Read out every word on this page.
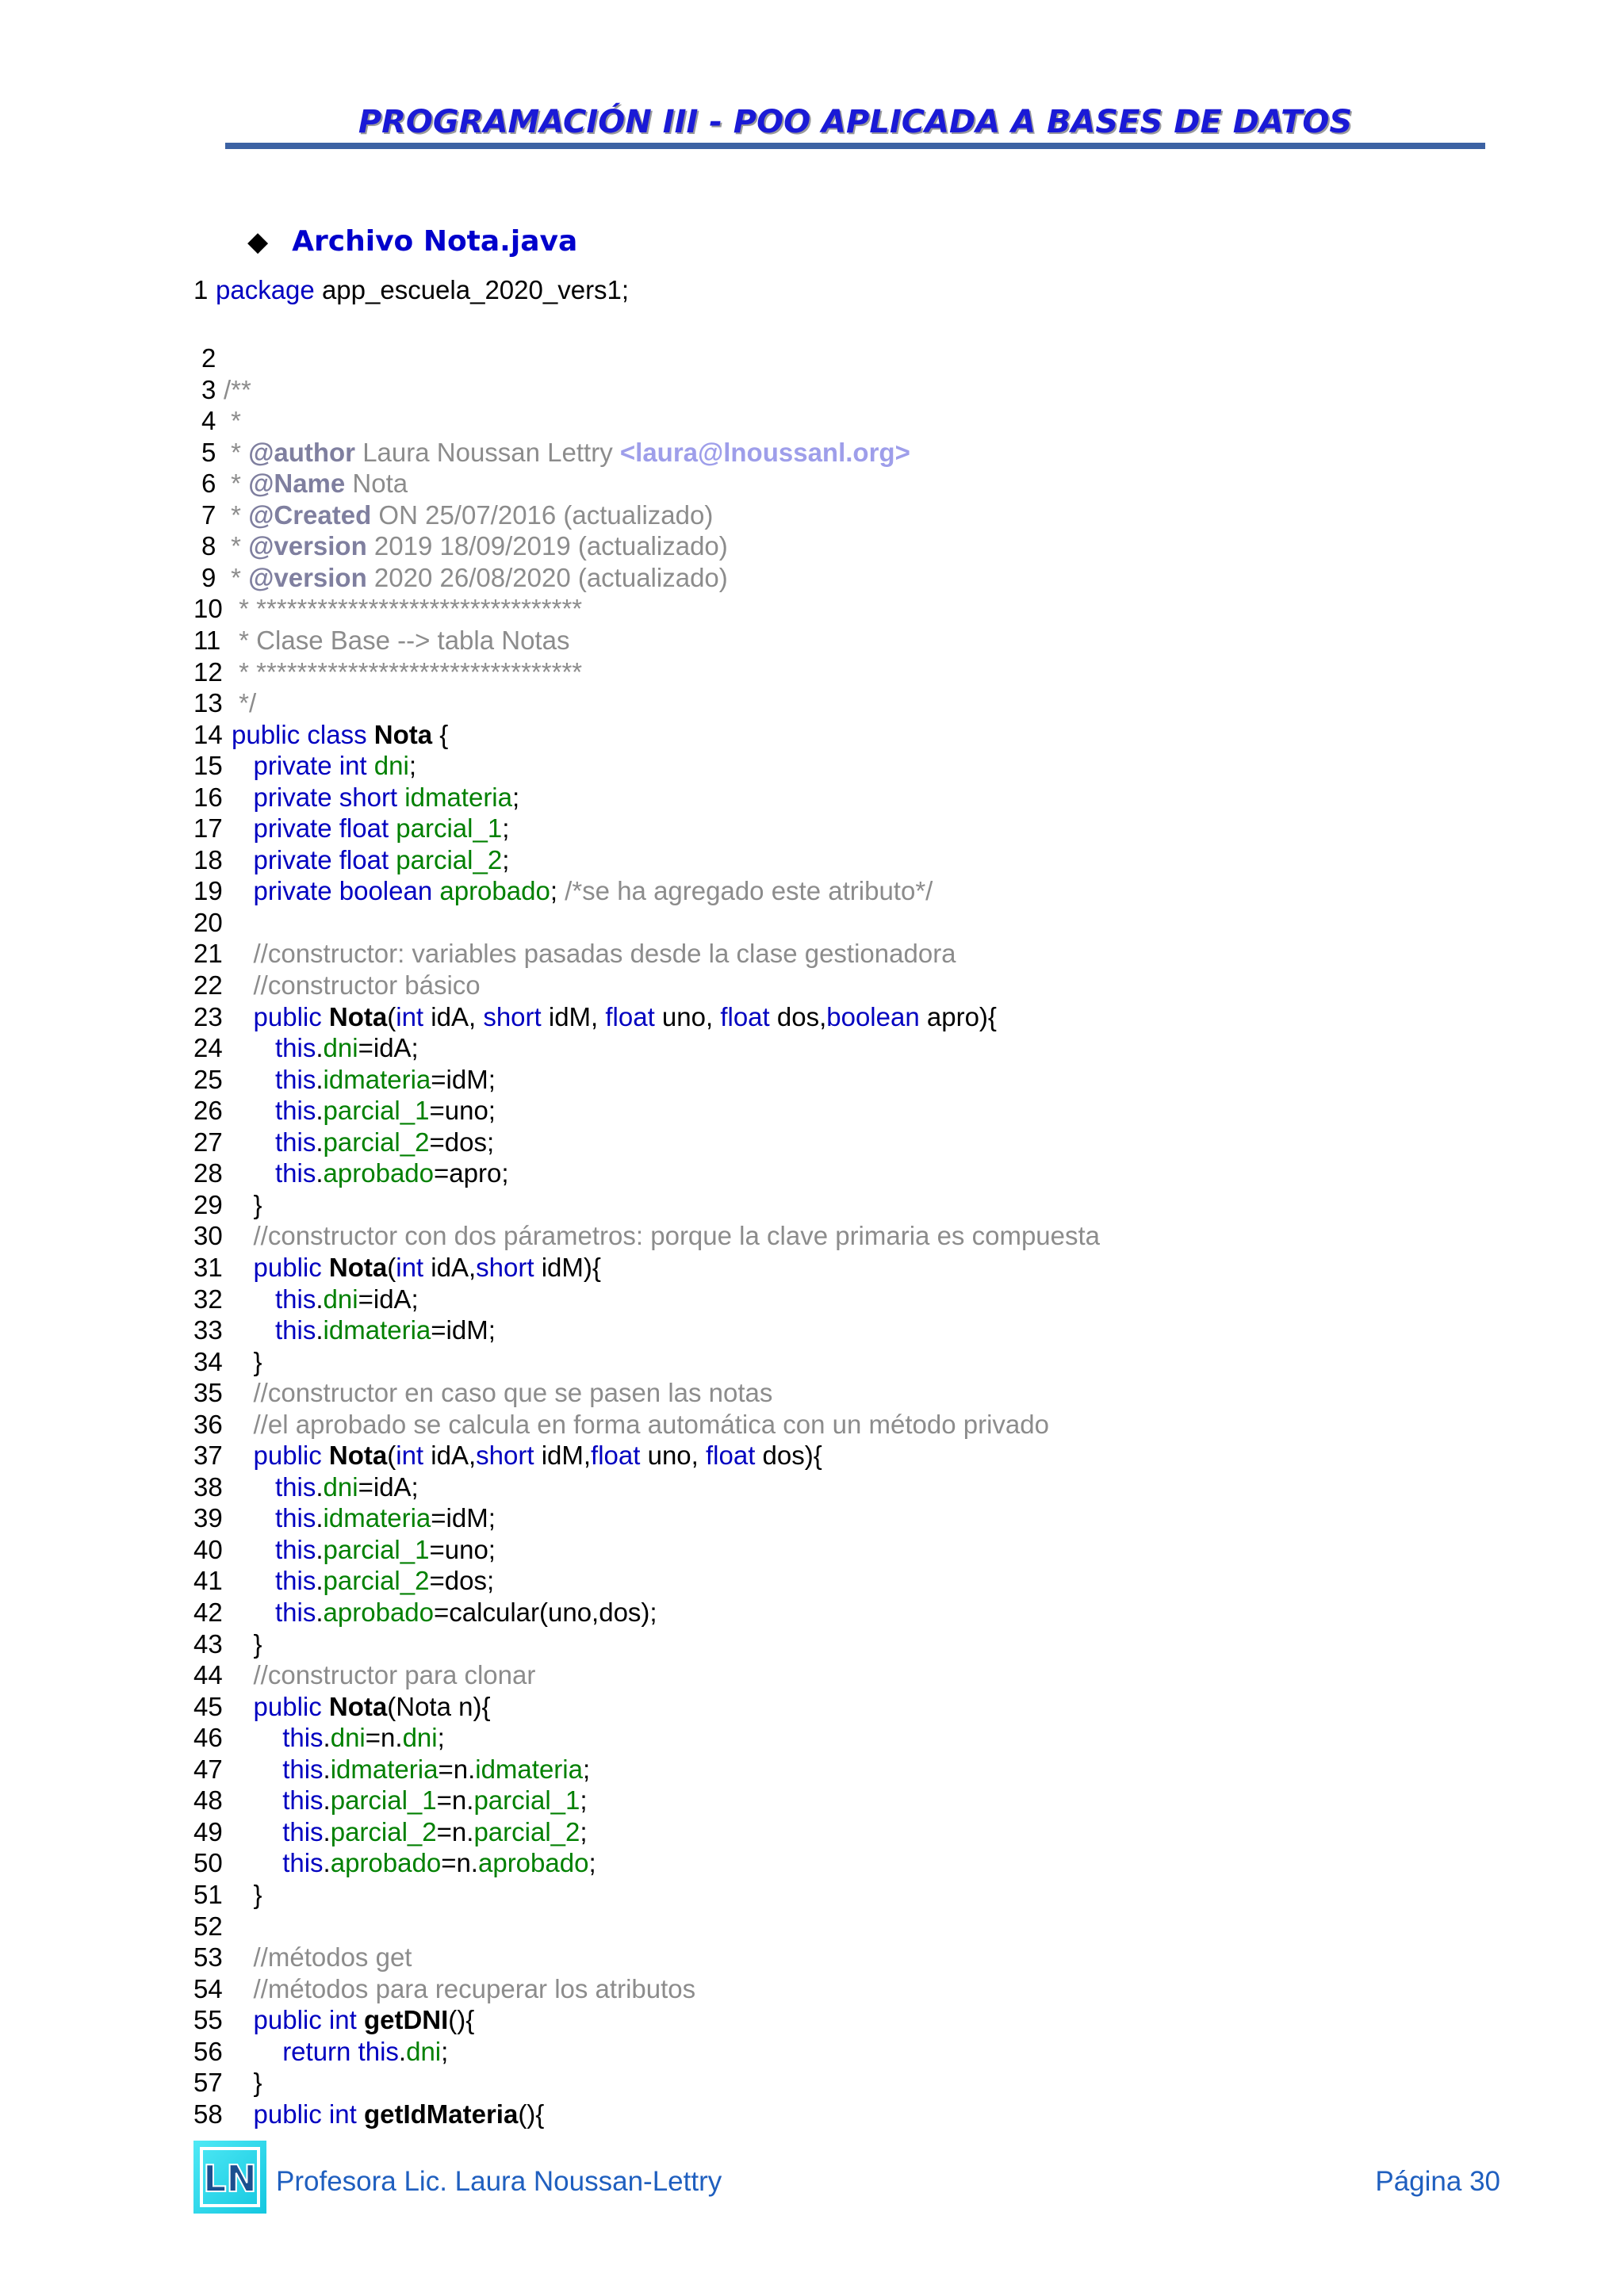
PROGRAMACIÓN III - POO APLICADA A BASES DE DATOS
◆ Archivo Nota.java
1 package app_escuela_2020_vers1;
2
3 /**
4 *
5 * @author Laura Noussan Lettry <laura@lnoussanl.org>
6 * @Name Nota
7 * @Created ON 25/07/2016 (actualizado)
8 * @version 2019 18/09/2019 (actualizado)
9 * @version 2020 26/08/2020 (actualizado)
10 * ********************************
11 * Clase Base --> tabla Notas
12 * ********************************
13 */
14 public class Nota {
15 private int dni;
16 private short idmateria;
17 private float parcial_1;
18 private float parcial_2;
19 private boolean aprobado; /*se ha agregado este atributo*/
20
21 //constructor: variables pasadas desde la clase gestionadora
22 //constructor básico
23 public Nota(int idA, short idM, float uno, float dos,boolean apro){
24 this.dni=idA;
25 this.idmateria=idM;
26 this.parcial_1=uno;
27 this.parcial_2=dos;
28 this.aprobado=apro;
29   }
30 //constructor con dos párametros: porque la clave primaria es compuesta
31 public Nota(int idA,short idM){
32 this.dni=idA;
33 this.idmateria=idM;
34   }
35 //constructor en caso que se pasen las notas
36 //el aprobado se calcula en forma automática con un método privado
37 public Nota(int idA,short idM,float uno, float dos){
38 this.dni=idA;
39 this.idmateria=idM;
40 this.parcial_1=uno;
41 this.parcial_2=dos;
42 this.aprobado=calcular(uno,dos);
43   }
44 //constructor para clonar
45 public Nota(Nota n){
46 this.dni=n.dni;
47 this.idmateria=n.idmateria;
48 this.parcial_1=n.parcial_1;
49 this.parcial_2=n.parcial_2;
50 this.aprobado=n.aprobado;
51   }
52
53 //métodos get
54 //métodos para recuperar los atributos
55 public int getDNI(){
56 return this.dni;
57   }
58 public int getIdMateria(){
LN Profesora Lic. Laura Noussan-Lettry	Página 30
